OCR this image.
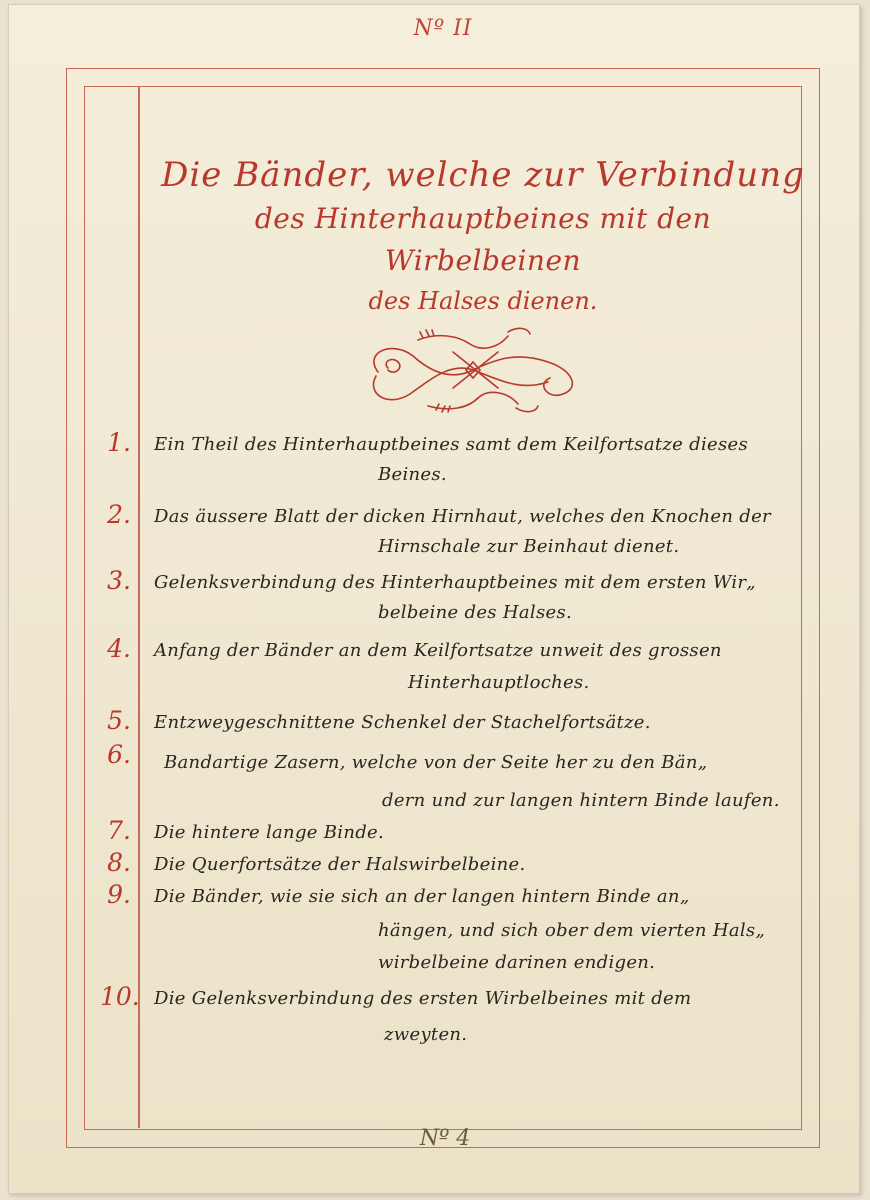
Nº II
Die Bänder, welche zur Verbindung
des Hinterhauptbeines mit den Wirbelbeinen
des Halses dienen.
1.	Ein Theil des Hinterhauptbeines samt dem Keilfortsatze dieses
Beines.
2.	Das äussere Blatt der dicken Hirnhaut, welches den Knochen der
Hirnschale zur Beinhaut dienet.
3.	Gelenksverbindung des Hinterhauptbeines mit dem ersten Wir„
belbeine des Halses.
4.	Anfang der Bänder an dem Keilfortsatze unweit des grossen
Hinterhauptloches.
5.	Entzweygeschnittene Schenkel der Stachelfortsätze.
6.	Bandartige Zasern, welche von der Seite her zu den Bän„
dern und zur langen hintern Binde laufen.
7.	Die hintere lange Binde.
8.	Die Querfortsätze der Halswirbelbeine.
9.	Die Bänder, wie sie sich an der langen hintern Binde an„
hängen, und sich ober dem vierten Hals„
wirbelbeine darinen endigen.
10. Die Gelenksverbindung des ersten Wirbelbeines mit dem
zweyten.
Nº 4
